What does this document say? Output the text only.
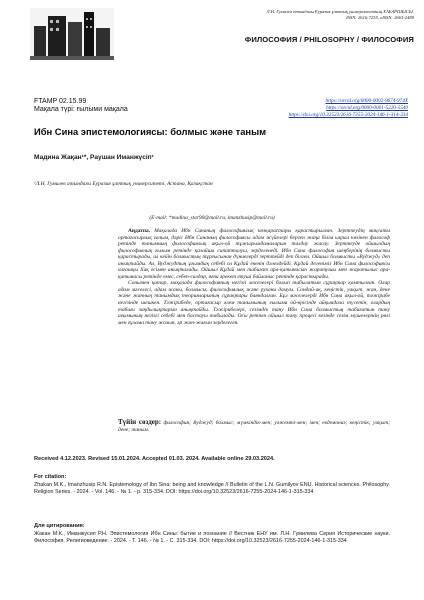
Л.Н. Гумилев атындағы Еуразия ұлттық университетінің ХАБАРШЫСЫ.
ISSN: 2616-7255. eISSN: 2663-2489
ФИЛОСОФИЯ / PHILOSOPHY / ФИЛОСОФИЯ
FTAMP 02.15.99
Мақала түрі: ғылыми мақала
https://orcid.org/0000-0002-9674-974X
https://orcid.org/0000-0001-5220-5540
https://doi.org/10.32523/2616-7255-2024-146-1-314-334
Ибн Сина эпистемологиясы: болмыс және таным
Мадина Жақан¹*, Раушан Иманжүсіп¹
¹Л.Н. Гумилев атындағы Еуразия ұлттық университеті, Астана, Қазақстан
(E-mail: *madina_star90@mail.ru, imanzhusip@mail.ru)

Аңдатпа. Мақалада Ибн Синаның философиялық көзқарастары қарастырылған. Зерттеудің мақсаты ортағасырлық ғалым, дәріс Ибн Синаның философиясы адам жүйелері берген жаңа білім ықпал көзінен философ ретінде танымның философиялық ақыл-ой тұжырымдамаларын талдау жасау. Зерттеуде ойшылдың философиялық ғылым ретінде қалайша сипатталуы, зерделенеді. Ибн Сина философия шеңберінің болмысты қарастырады, ал кейін болмыстың тұрғысынан дүниелерді зерттейді деп білген. Ойшыл болмысты «Вуджуд» деп анықтайды. Ал, Вуджудтың ұғымдық себебі ол Құдай екенін дәлелдейді. Құдай дегеніміз Ибн Сина философиясы алғашқы Хақ есімен анықталады. Ойшыл Құдай мен табиғат ара-қатынасын жаратушы мен жаратылыс ара-қатынасы ретінде емес, себеп-салдар, яғни әрекет етуші байланыс ретінде қарастырады.

Сонымен қатар, мақалада философияның негізгі мәселелері болып табылатын сұрақтар қамтылған. Олар адам мәселесі, адам жаны, болмысы, философиялық және рухани дамуы. Сондай-ақ, кеңістік, уақыт, жан, дене және жанның танымдық теорияларының сұрақтары баяндалған. Бұл мәселелерді Ибн Сина ақыл-ой, тәжірибе негізінде шешкен. Тәжірибеде, ортағасыр әлем танымының ғылыми ой-өрісінде айқындала түсетін, олардың табиғи заңдылықтарын анықтайды. Тәжірибелері, сезімдік тану Ибн Сина болмыстың табиғатын тану ағымының негізгі себебі мен бастауы табылады. Осы ретпен ойшыл тану процесі кезінде сезім мүшелерінің рөлі мен ғұлама тану жолын, әр жан-жағын зерделеген.

Түйін сөздер: философия; Вуджуд; болмыс; мүмкіндік-мен; уәжемті-мен; мен; евдемониз; кеңістік; уақыт; дене; таным.
Received 4.12.2023. Revised 15.01.2024. Accepted 01.03. 2024. Available online 29.03.2024.
For citation:
Zhakan M.K., Imanzhusip R.N. Epistemology of Ibn Sina: being and knowledge // Bulletin of the L.N. Gumilyov ENU. Historical sciences. Philosophy. Religion Series. - 2024. - Vol. 146. - № 1. - p. 315-334. DOI: https://doi.org/10.32523/2616-7255-2024-146-1-315-334
Для цитирования:
Жакан М.К., Иманжусип Р.Н. Эпистемология Ибн Сины: бытие и познание // Вестник ЕНУ им. Л.Н. Гумилева Серия Исторические науки. Философия. Религиоведение. - 2024. - Т. 146. - № 1. - С. 315-334. DOI: https://doi.org/10.32523/2616-7255-2024-146-1-315-334
